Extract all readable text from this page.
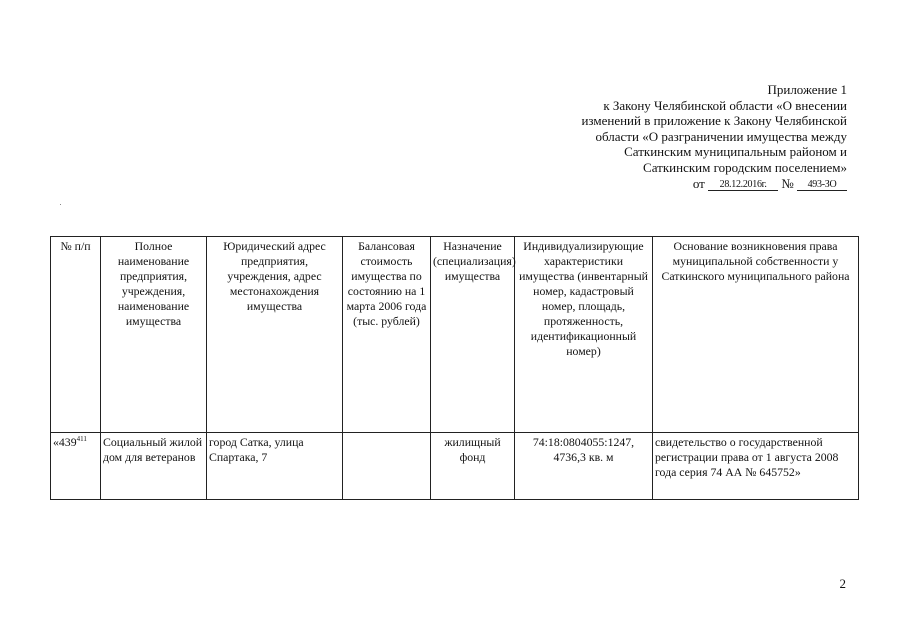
Приложение 1
к Закону Челябинской области «О внесении
изменений в приложение к Закону Челябинской
области «О разграничении имущества между
Саткинским муниципальным районом и
Саткинским городским поселением»
от 28.12.2016г. № 493-ЗО
№ п/п	Полное наименование предприятия, учреждения, наименование имущества	Юридический адрес предприятия, учреждения, адрес местонахождения имущества	Балансовая стоимость имущества по состоянию на 1 марта 2006 года (тыс. рублей)	Назначение (специализация) имущества	Индивидуализирующие характеристики имущества (инвентарный номер, кадастровый номер, площадь, протяженность, идентификационный номер)	Основание возникновения права муниципальной собственности у Саткинского муниципального района
«$439^{411}$	Социальный жилой дом для ветеранов	город Сатка, улица Спартака, 7		жилищный фонд	74:18:0804055:1247, 4736,3 кв. м	свидетельство о государственной регистрации права от 1 августа 2008 года серия 74 АА № 645752»
2
